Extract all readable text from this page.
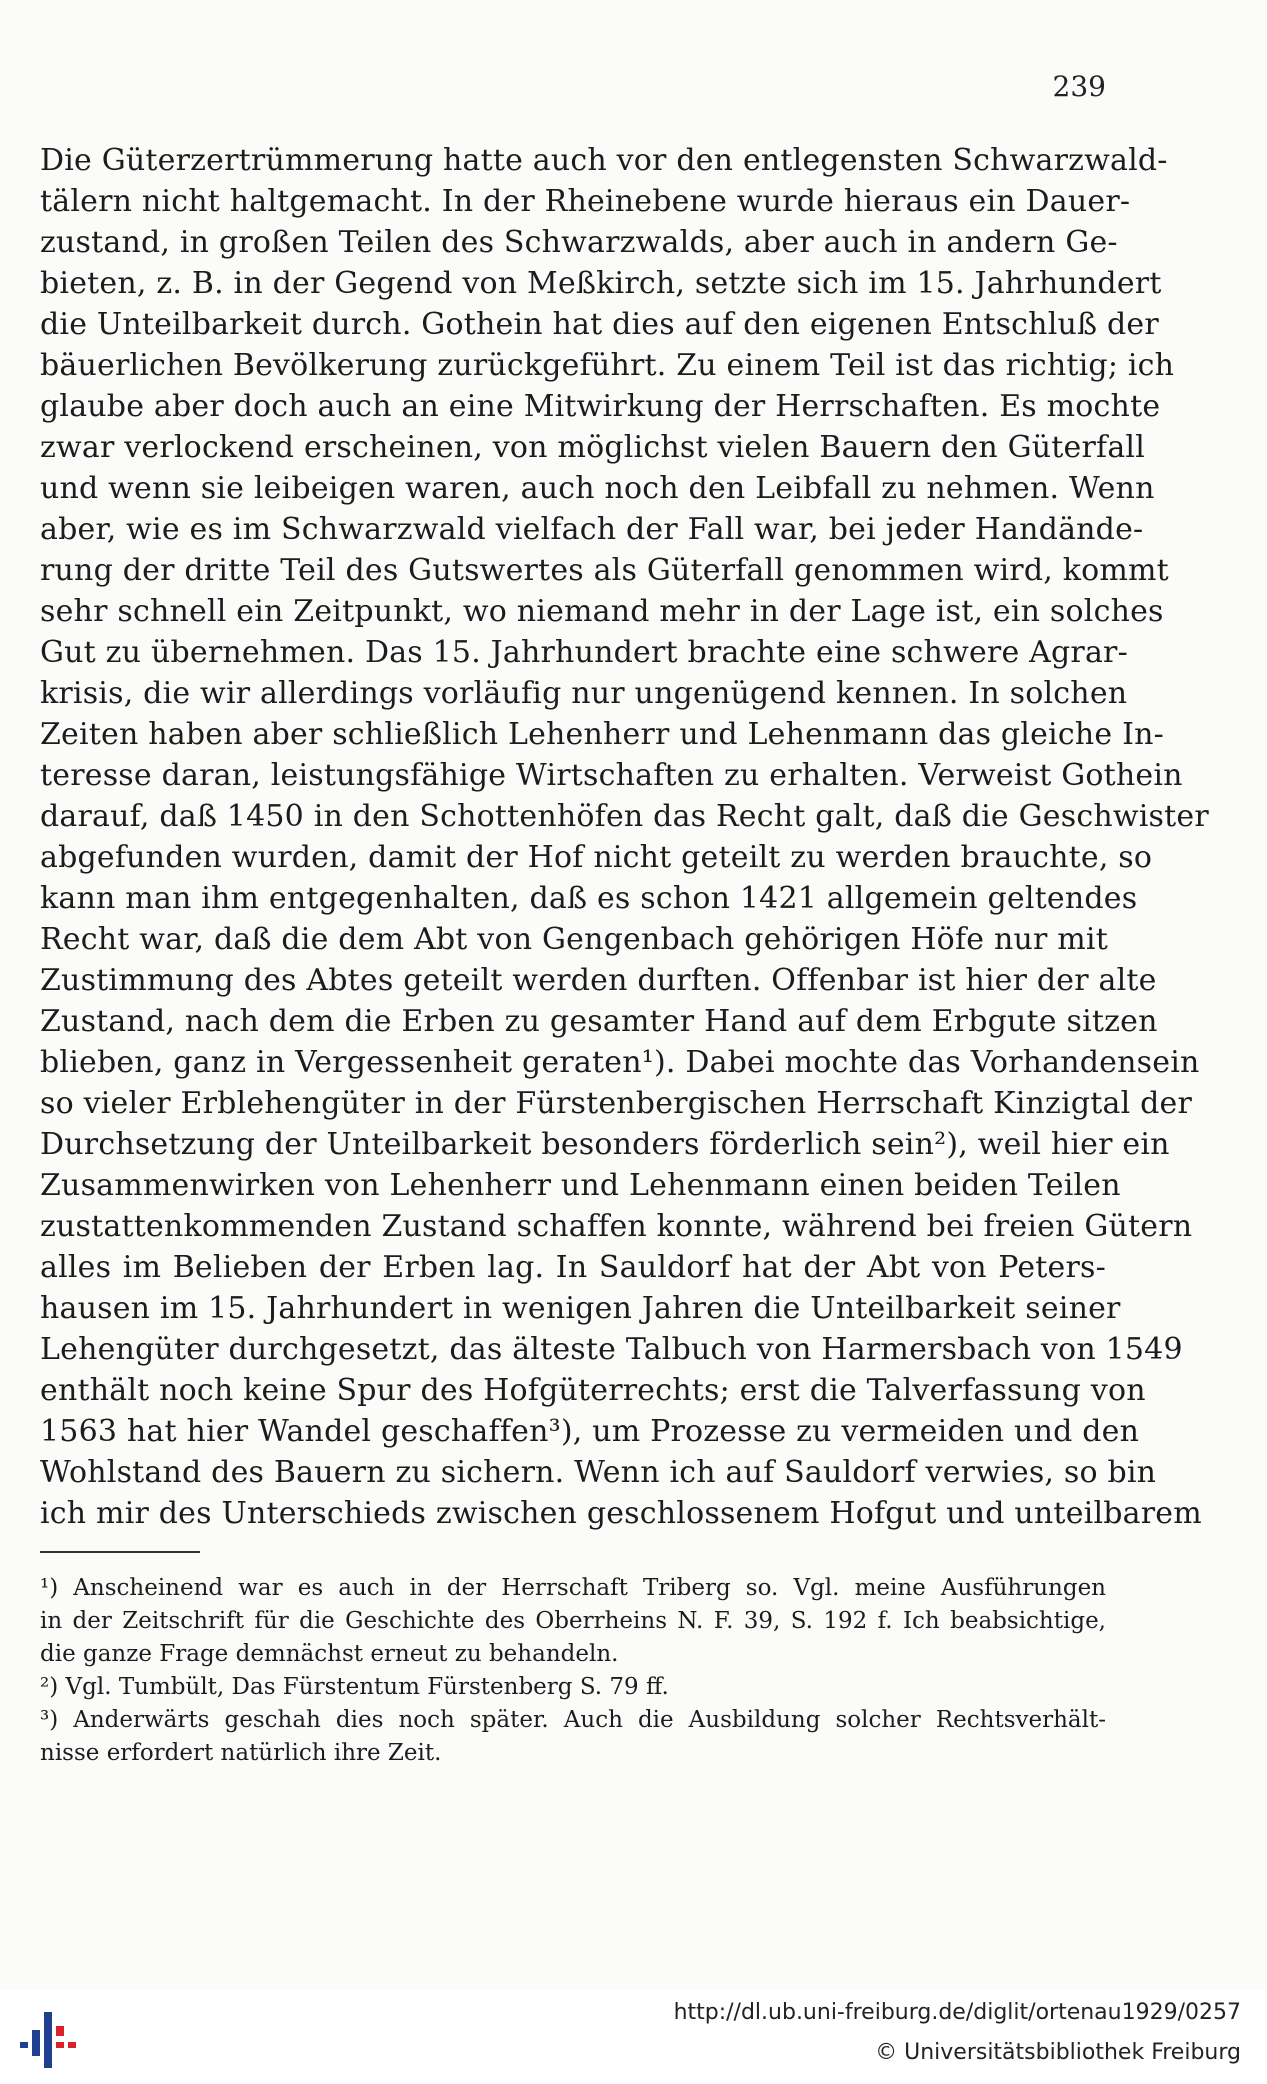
239
Die Güterzertrümmerung hatte auch vor den entlegensten Schwarzwald-
tälern nicht haltgemacht. In der Rheinebene wurde hieraus ein Dauer-
zustand, in großen Teilen des Schwarzwalds, aber auch in andern Ge-
bieten, z. B. in der Gegend von Meßkirch, setzte sich im 15. Jahrhundert
die Unteilbarkeit durch. Gothein hat dies auf den eigenen Entschluß der
bäuerlichen Bevölkerung zurückgeführt. Zu einem Teil ist das richtig; ich
glaube aber doch auch an eine Mitwirkung der Herrschaften. Es mochte
zwar verlockend erscheinen, von möglichst vielen Bauern den Güterfall
und wenn sie leibeigen waren, auch noch den Leibfall zu nehmen. Wenn
aber, wie es im Schwarzwald vielfach der Fall war, bei jeder Handände-
rung der dritte Teil des Gutswertes als Güterfall genommen wird, kommt
sehr schnell ein Zeitpunkt, wo niemand mehr in der Lage ist, ein solches
Gut zu übernehmen. Das 15. Jahrhundert brachte eine schwere Agrar-
krisis, die wir allerdings vorläufig nur ungenügend kennen. In solchen
Zeiten haben aber schließlich Lehenherr und Lehenmann das gleiche In-
teresse daran, leistungsfähige Wirtschaften zu erhalten. Verweist Gothein
darauf, daß 1450 in den Schottenhöfen das Recht galt, daß die Geschwister
abgefunden wurden, damit der Hof nicht geteilt zu werden brauchte, so
kann man ihm entgegenhalten, daß es schon 1421 allgemein geltendes
Recht war, daß die dem Abt von Gengenbach gehörigen Höfe nur mit
Zustimmung des Abtes geteilt werden durften. Offenbar ist hier der alte
Zustand, nach dem die Erben zu gesamter Hand auf dem Erbgute sitzen
blieben, ganz in Vergessenheit geraten¹). Dabei mochte das Vorhandensein
so vieler Erblehengüter in der Fürstenbergischen Herrschaft Kinzigtal der
Durchsetzung der Unteilbarkeit besonders förderlich sein²), weil hier ein
Zusammenwirken von Lehenherr und Lehenmann einen beiden Teilen
zustattenkommenden Zustand schaffen konnte, während bei freien Gütern
alles im Belieben der Erben lag. In Sauldorf hat der Abt von Peters-
hausen im 15. Jahrhundert in wenigen Jahren die Unteilbarkeit seiner
Lehengüter durchgesetzt, das älteste Talbuch von Harmersbach von 1549
enthält noch keine Spur des Hofgüterrechts; erst die Talverfassung von
1563 hat hier Wandel geschaffen³), um Prozesse zu vermeiden und den
Wohlstand des Bauern zu sichern. Wenn ich auf Sauldorf verwies, so bin
ich mir des Unterschieds zwischen geschlossenem Hofgut und unteilbarem
¹) Anscheinend war es auch in der Herrschaft Triberg so. Vgl. meine Ausführungen
in der Zeitschrift für die Geschichte des Oberrheins N. F. 39, S. 192 f. Ich beabsichtige,
die ganze Frage demnächst erneut zu behandeln.
²) Vgl. Tumbült, Das Fürstentum Fürstenberg S. 79 ff.
³) Anderwärts geschah dies noch später. Auch die Ausbildung solcher Rechtsverhält-
nisse erfordert natürlich ihre Zeit.
http://dl.ub.uni-freiburg.de/diglit/ortenau1929/0257
© Universitätsbibliothek Freiburg
